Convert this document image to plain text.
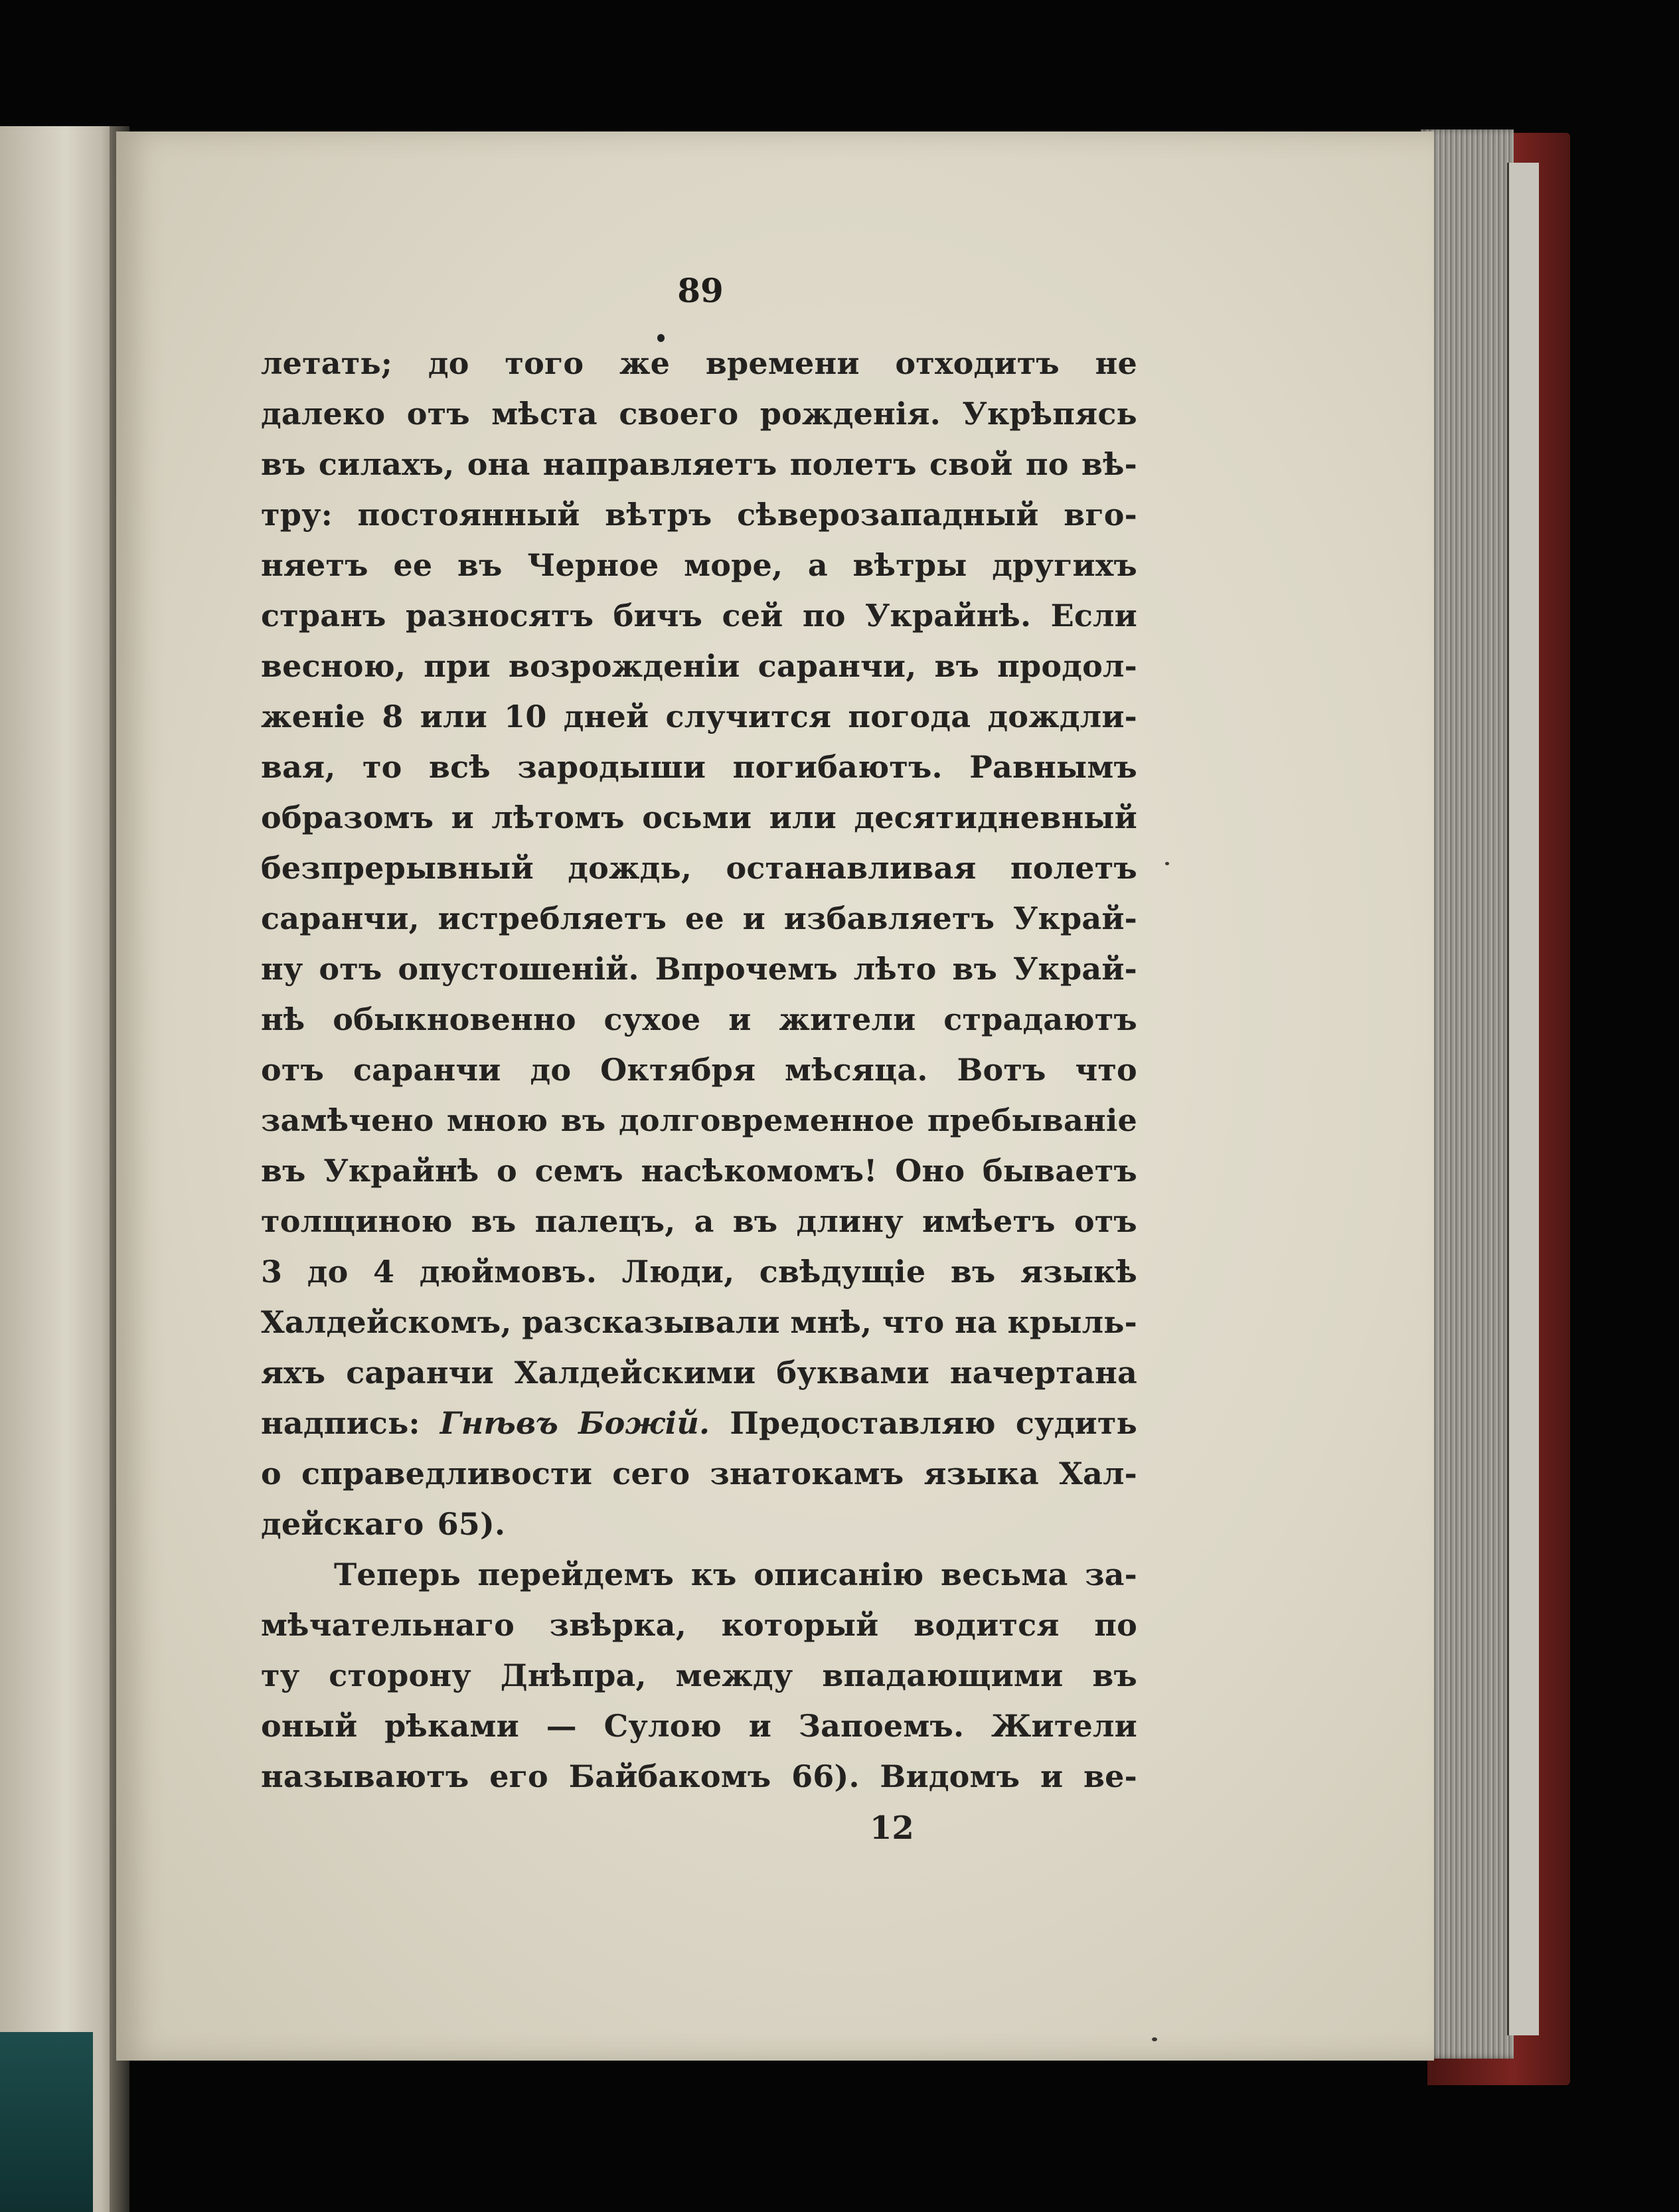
89
летать; до того же времени отходитъ не
далеко отъ мѣста своего рожденія. Укрѣпясь
въ силахъ, она направляетъ полетъ свой по вѣ-
тру: постоянный вѣтръ сѣверозападный вго-
няетъ ее въ Черное море, а вѣтры другихъ
странъ разносятъ бичъ сей по Украйнѣ. Если
весною, при возрожденіи саранчи, въ продол-
женіе 8 или 10 дней случится погода дождли-
вая, то всѣ зародыши погибаютъ. Равнымъ
образомъ и лѣтомъ осьми или десятидневный
безпрерывный дождь, останавливая полетъ
саранчи, истребляетъ ее и избавляетъ Украй-
ну отъ опустошеній. Впрочемъ лѣто въ Украй-
нѣ обыкновенно сухое и жители страдаютъ
отъ саранчи до Октября мѣсяца. Вотъ что
замѣчено мною въ долговременное пребываніе
въ Украйнѣ о семъ насѣкомомъ! Оно бываетъ
толщиною въ палецъ, а въ длину имѣетъ отъ
3 до 4 дюймовъ. Люди, свѣдущіе въ языкѣ
Халдейскомъ, разсказывали мнѣ, что на крыль-
яхъ саранчи Халдейскими буквами начертана
надпись: Гнѣвъ Божій. Предоставляю судить
о справедливости сего знатокамъ языка Хал-
дейскаго 65).
Теперь перейдемъ къ описанію весьма за-
мѣчательнаго звѣрка, который водится по
ту сторону Днѣпра, между впадающими въ
оный рѣками — Сулою и Запоемъ. Жители
называютъ его Байбакомъ 66). Видомъ и ве-
12
